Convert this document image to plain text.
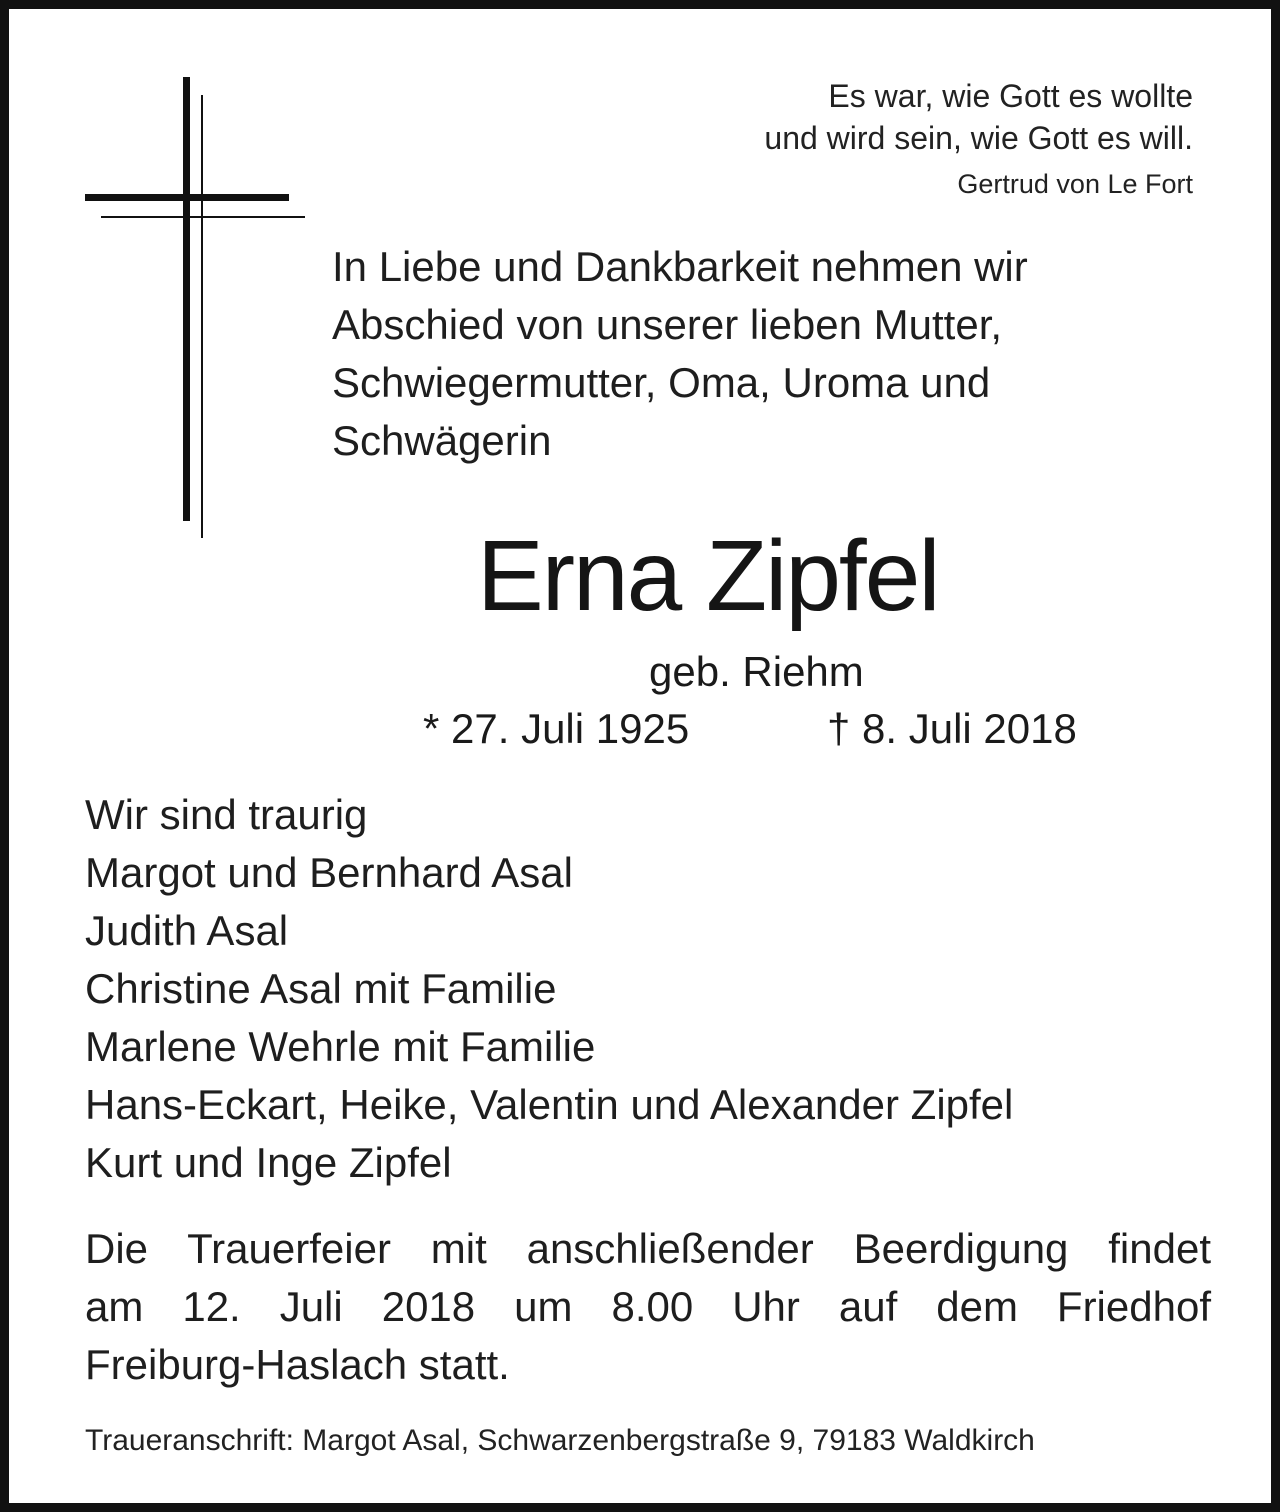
Es war, wie Gott es wollte
und wird sein, wie Gott es will.
Gertrud von Le Fort
In Liebe und Dankbarkeit nehmen wir
Abschied von unserer lieben Mutter,
Schwiegermutter, Oma, Uroma und
Schwägerin
Erna Zipfel
geb. Riehm
* 27. Juli 1925	† 8. Juli 2018
Wir sind traurig
Margot und Bernhard Asal
Judith Asal
Christine Asal mit Familie
Marlene Wehrle mit Familie
Hans-Eckart, Heike, Valentin und Alexander Zipfel
Kurt und Inge Zipfel
Die Trauerfeier mit anschließender Beerdigung findet
am 12. Juli 2018 um 8.00 Uhr auf dem Friedhof
Freiburg-Haslach statt.
Traueranschrift: Margot Asal, Schwarzenbergstraße 9, 79183 Waldkirch
